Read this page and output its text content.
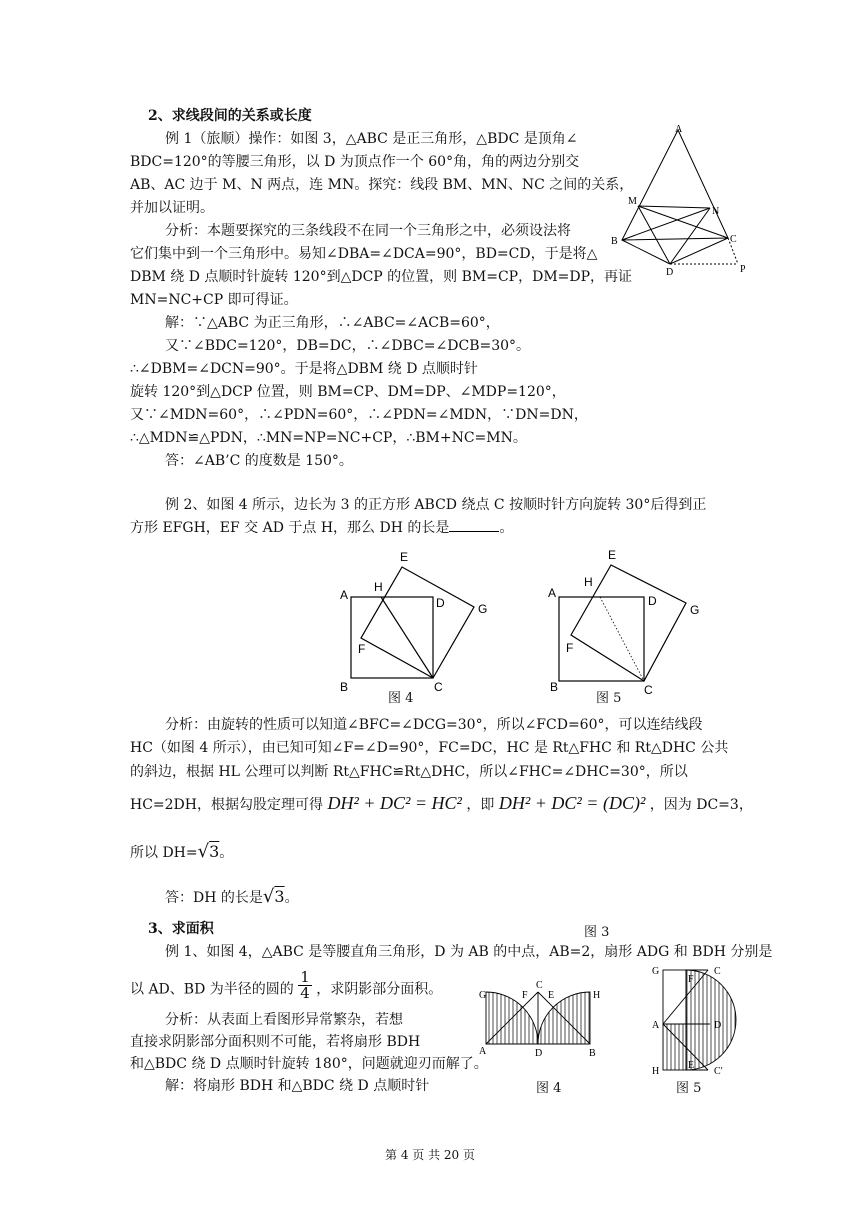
2、求线段间的关系或长度
例 1（旅顺）操作：如图 3，△ABC 是正三角形，△BDC 是顶角∠
BDC=120°的等腰三角形，以 D 为顶点作一个 60°角，角的两边分别交
AB、AC 边于 M、N 两点，连 MN。探究：线段 BM、MN、NC 之间的关系，
并加以证明。
分析：本题要探究的三条线段不在同一个三角形之中，必须设法将
它们集中到一个三角形中。易知∠DBA=∠DCA=90°，BD=CD，于是将△
DBM 绕 D 点顺时针旋转 120°到△DCP 的位置，则 BM=CP，DM=DP，再证
MN=NC+CP 即可得证。
解：∵△ABC 为正三角形，∴∠ABC=∠ACB=60°，
又∵∠BDC=120°，DB=DC，∴∠DBC=∠DCB=30°。
∴∠DBM=∠DCN=90°。于是将△DBM 绕 D 点顺时针
旋转 120°到△DCP 位置，则 BM=CP、DM=DP、∠MDP=120°，
又∵∠MDN=60°，∴∠PDN=60°，∴∠PDN=∠MDN，∵DN=DN，
∴△MDN≌△PDN，∴MN=NP=NC+CP，∴BM+NC=MN。
答：∠AB’C 的度数是 150°。
A
M
N
B	C
D	P
例 2、如图 4 所示，边长为 3 的正方形 ABCD 绕点 C 按顺时针方向旋转 30°后得到正
方形 EFGH，EF 交 AD 于点 H，那么 DH 的长是	。
E
H
A
D	G
F
B	C
图 4
E
H
A
D
G
F
B	C
图 5
分析：由旋转的性质可以知道∠BFC=∠DCG=30°，所以∠FCD=60°，可以连结线段
HC（如图 4 所示），由已知可知∠F=∠D=90°，FC=DC，HC 是 Rt△FHC 和 Rt△DHC 公共
的斜边，根据 HL 公理可以判断 Rt△FHC≌Rt△DHC，所以∠FHC=∠DHC=30°，所以
HC=2DH，根据勾股定理可得 DH² + DC² = HC² ，即 DH² + DC² = (DC)² ，因为 DC=3，
所以 DH=√3。
答：DH 的长是√3。
3、求面积	图 3
例 1、如图 4，△ABC 是等腰直角三角形，D 为 AB 的中点，AB=2，扇形 ADG 和 BDH 分别是
以 AD、BD 为半径的圆的 $\frac{1}{4}$ ，求阴影部分面积。
分析：从表面上看图形异常繁杂，若想
直接求阴影部分面积则不可能，若将扇形 BDH
和△BDC 绕 D 点顺时针旋转 180°，问题就迎刃而解了。
解：将扇形 BDH 和△BDC 绕 D 点顺时针
G	F
C
E	H
A	D	B
图 4
G
F
C
A	D
H
E
C′
图 5
第 4 页 共 20 页
